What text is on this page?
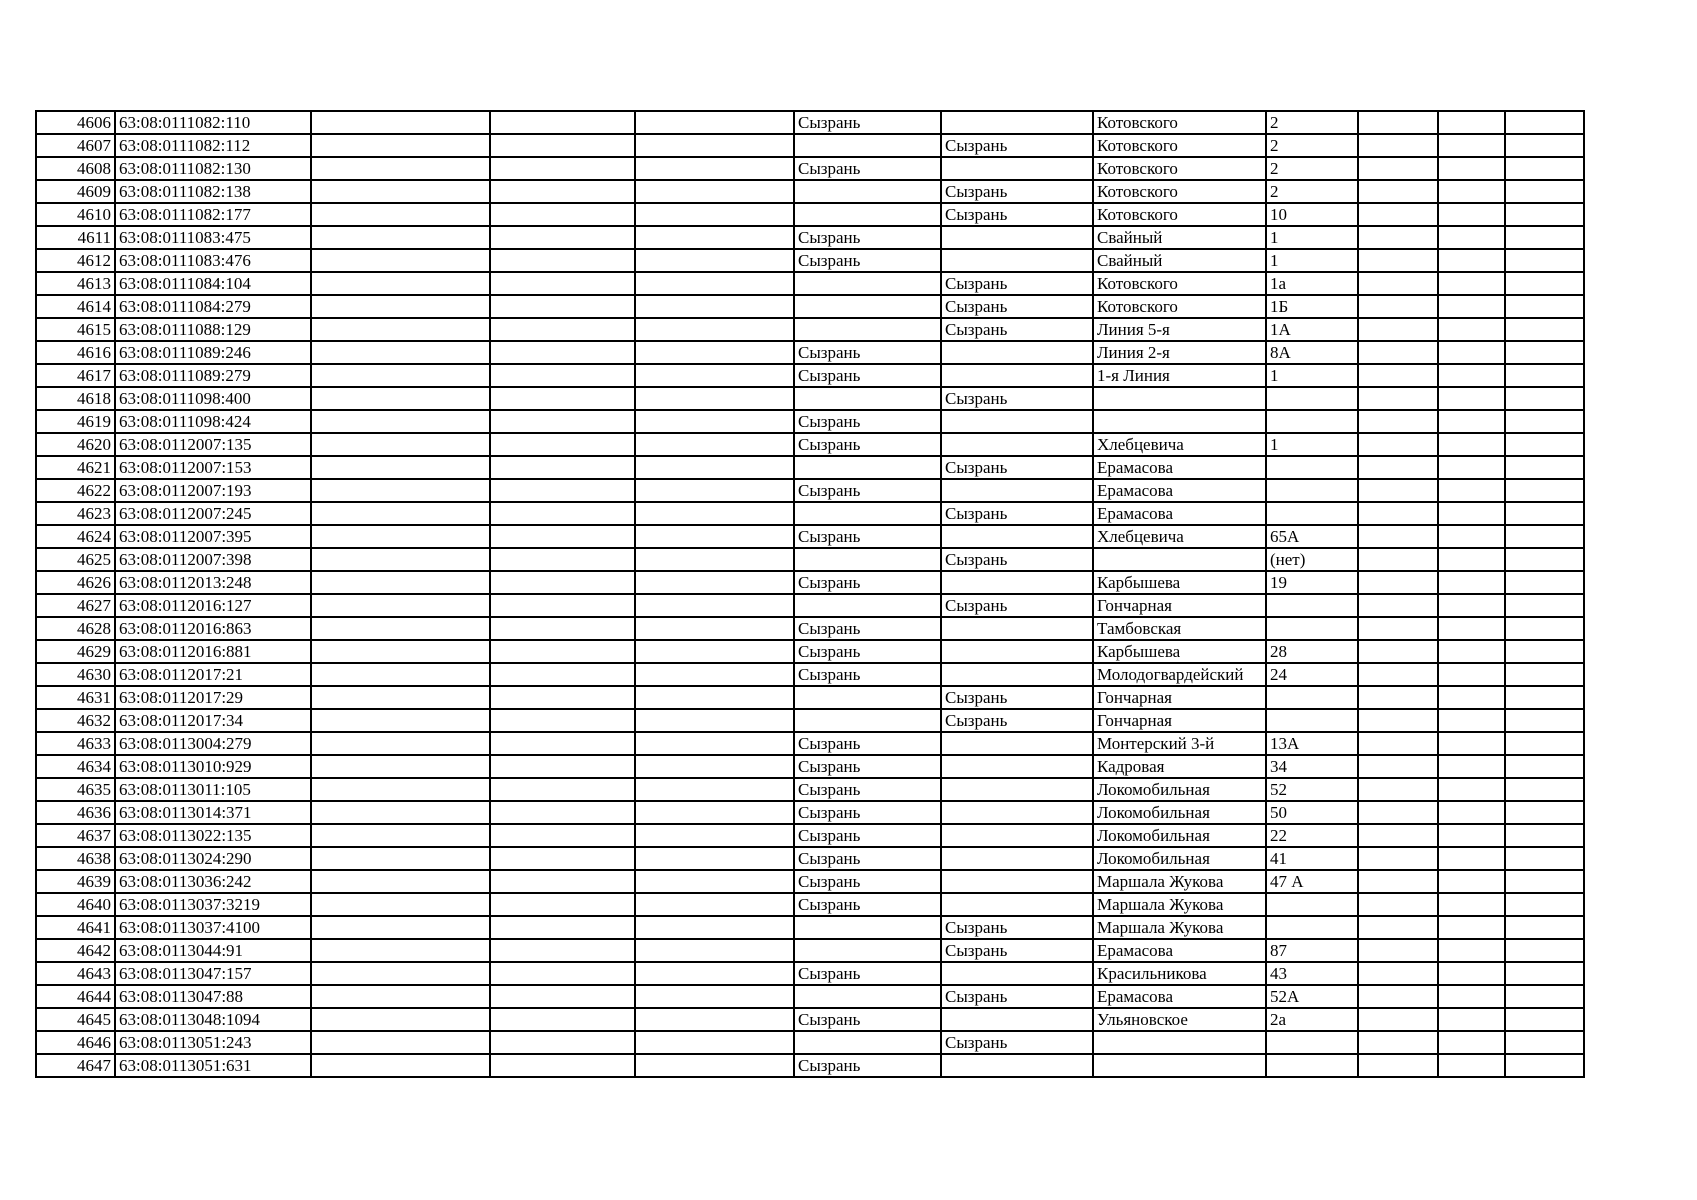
4606	63:08:0111082:110				Сызрань		Котовского	2			
4607	63:08:0111082:112					Сызрань	Котовского	2			
4608	63:08:0111082:130				Сызрань		Котовского	2			
4609	63:08:0111082:138					Сызрань	Котовского	2			
4610	63:08:0111082:177					Сызрань	Котовского	10			
4611	63:08:0111083:475				Сызрань		Свайный	1			
4612	63:08:0111083:476				Сызрань		Свайный	1			
4613	63:08:0111084:104					Сызрань	Котовского	1а			
4614	63:08:0111084:279					Сызрань	Котовского	1Б			
4615	63:08:0111088:129					Сызрань	Линия 5-я	1А			
4616	63:08:0111089:246				Сызрань		Линия 2-я	8А			
4617	63:08:0111089:279				Сызрань		1-я Линия	1			
4618	63:08:0111098:400					Сызрань					
4619	63:08:0111098:424				Сызрань						
4620	63:08:0112007:135				Сызрань		Хлебцевича	1			
4621	63:08:0112007:153					Сызрань	Ерамасова				
4622	63:08:0112007:193				Сызрань		Ерамасова				
4623	63:08:0112007:245					Сызрань	Ерамасова				
4624	63:08:0112007:395				Сызрань		Хлебцевича	65А			
4625	63:08:0112007:398					Сызрань		(нет)			
4626	63:08:0112013:248				Сызрань		Карбышева	19			
4627	63:08:0112016:127					Сызрань	Гончарная				
4628	63:08:0112016:863				Сызрань		Тамбовская				
4629	63:08:0112016:881				Сызрань		Карбышева	28			
4630	63:08:0112017:21				Сызрань		Молодогвардейский	24			
4631	63:08:0112017:29					Сызрань	Гончарная				
4632	63:08:0112017:34					Сызрань	Гончарная				
4633	63:08:0113004:279				Сызрань		Монтерский 3-й	13А			
4634	63:08:0113010:929				Сызрань		Кадровая	34			
4635	63:08:0113011:105				Сызрань		Локомобильная	52			
4636	63:08:0113014:371				Сызрань		Локомобильная	50			
4637	63:08:0113022:135				Сызрань		Локомобильная	22			
4638	63:08:0113024:290				Сызрань		Локомобильная	41			
4639	63:08:0113036:242				Сызрань		Маршала Жукова	47 А			
4640	63:08:0113037:3219				Сызрань		Маршала Жукова				
4641	63:08:0113037:4100					Сызрань	Маршала Жукова				
4642	63:08:0113044:91					Сызрань	Ерамасова	87			
4643	63:08:0113047:157				Сызрань		Красильникова	43			
4644	63:08:0113047:88					Сызрань	Ерамасова	52А			
4645	63:08:0113048:1094				Сызрань		Ульяновское	2а			
4646	63:08:0113051:243					Сызрань					
4647	63:08:0113051:631				Сызрань						
